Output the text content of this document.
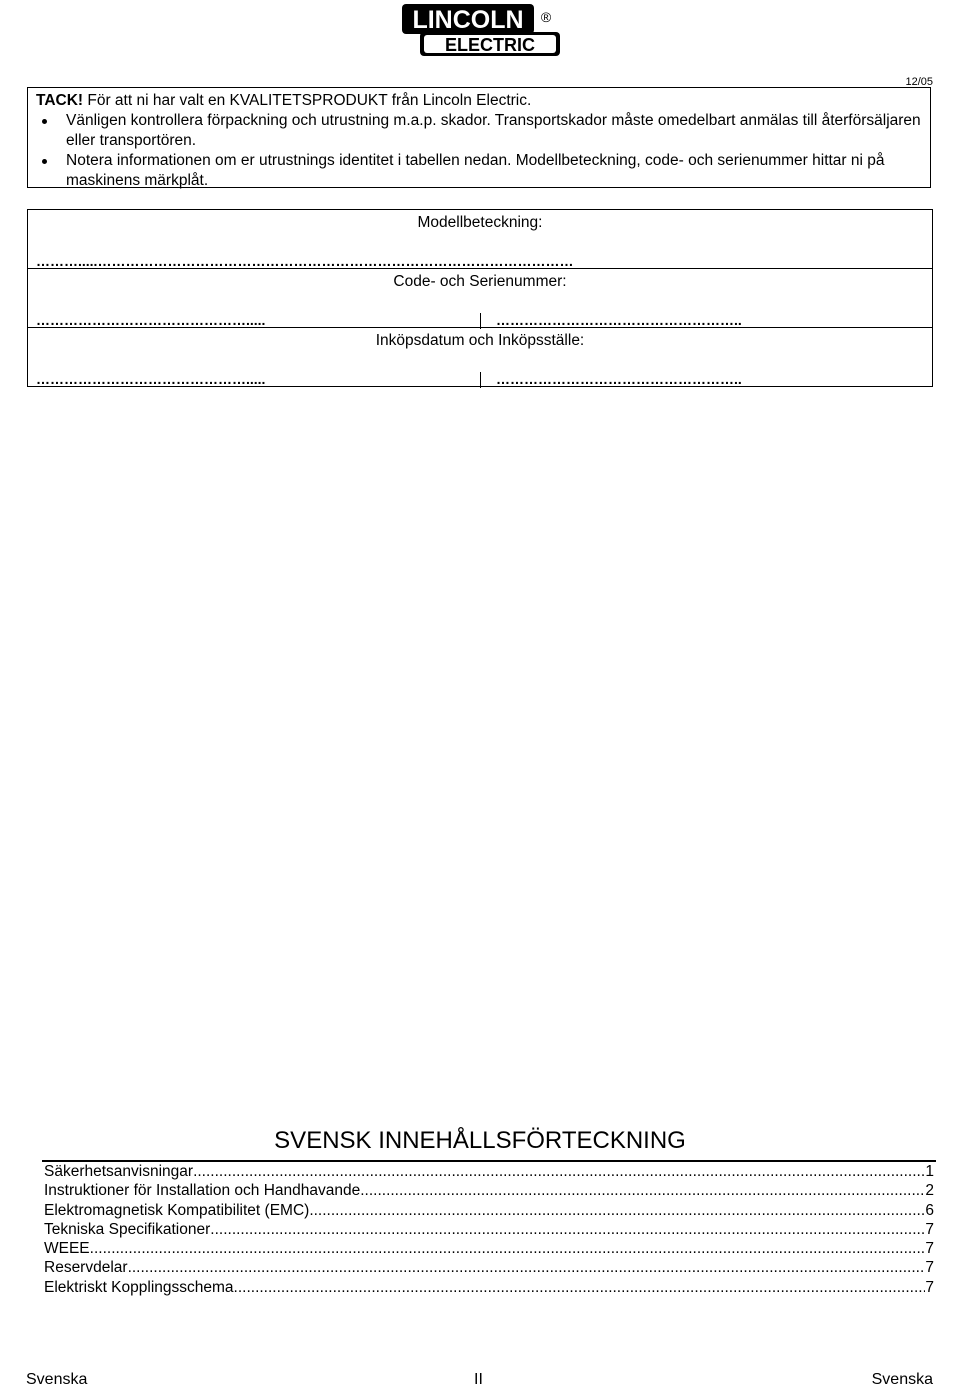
LINCOLN
ELECTRIC
®
12/05
TACK! För att ni har valt en KVALITETSPRODUKT från Lincoln Electric.
Vänligen kontrollera förpackning och utrustning m.a.p. skador. Transportskador måste omedelbart anmälas till återförsäljaren eller transportören.
Notera informationen om er utrustnings identitet i tabellen nedan. Modellbeteckning, code- och serienummer hittar ni på maskinens märkplåt.
Modellbeteckning:
……….....…………………………………………………………………………………………
Code- och Serienummer:
……………………………………….....	……………………………………………..
Inköpsdatum och Inköpsställe:
……………………………………….....	……………………………………………..
SVENSK INNEHÅLLSFÖRTECKNING
Säkerhetsanvisningar .....	1
Instruktioner för Installation och Handhavande .....	2
Elektromagnetisk Kompatibilitet (EMC) .....	6
Tekniska Specifikationer .....	7
WEEE .....	7
Reservdelar .....	7
Elektriskt Kopplingsschema .....	7
Svenska	II	Svenska
